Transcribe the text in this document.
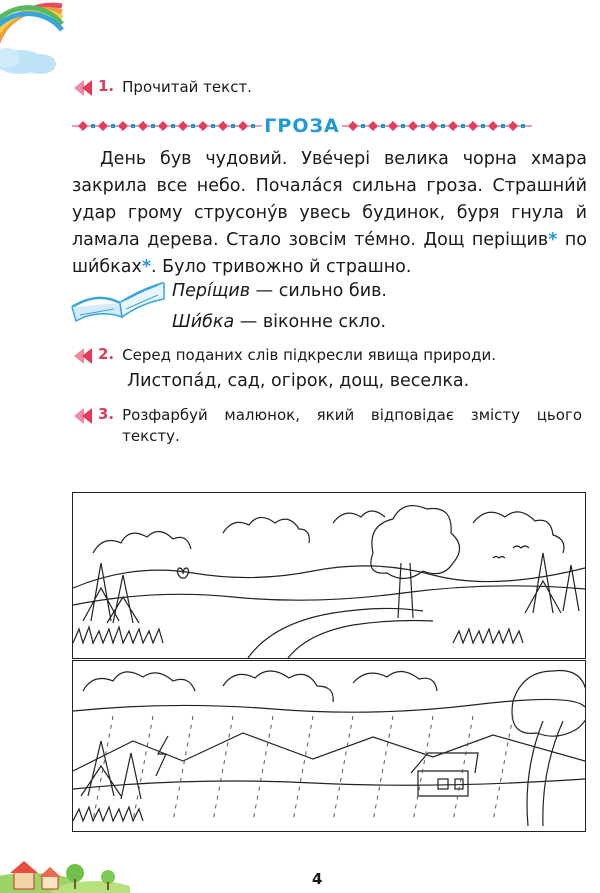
1. Прочитай текст.
ГРОЗА

День був чудовий. Уве́чері велика чорна хмара закрила все небо. Почала́ся сильна гроза. Страшни́й удар грому струсону́в увесь будинок, буря гнула й ламала дерева. Стало зовсім те́мно. Дощ періщив* по ши́бках*. Було тривожно й страшно.

Пері́щив — сильно бив.
Ши́бка — віконне скло.
2. Серед поданих слів підкресли явища природи.
Листопа́д, сад, огірок, дощ, веселка.
3. Розфарбуй малюнок, який відповідає змісту цього тексту.
4
